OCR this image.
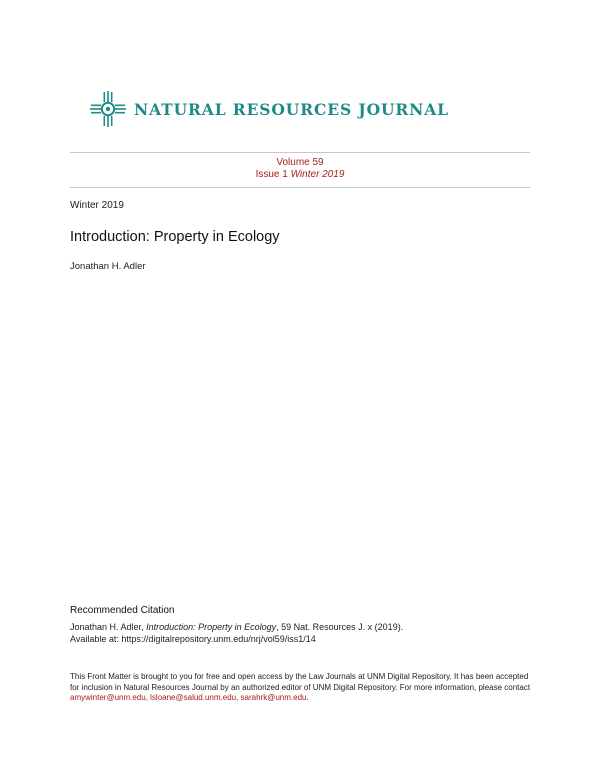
NATURAL RESOURCES JOURNAL
Volume 59
Issue 1 Winter 2019
Winter 2019
Introduction: Property in Ecology
Jonathan H. Adler
Recommended Citation
Jonathan H. Adler, Introduction: Property in Ecology, 59 Nat. Resources J. x (2019).
Available at: https://digitalrepository.unm.edu/nrj/vol59/iss1/14
This Front Matter is brought to you for free and open access by the Law Journals at UNM Digital Repository. It has been accepted for inclusion in Natural Resources Journal by an authorized editor of UNM Digital Repository. For more information, please contact amywinter@unm.edu, lsloane@salud.unm.edu, sarahrk@unm.edu.
